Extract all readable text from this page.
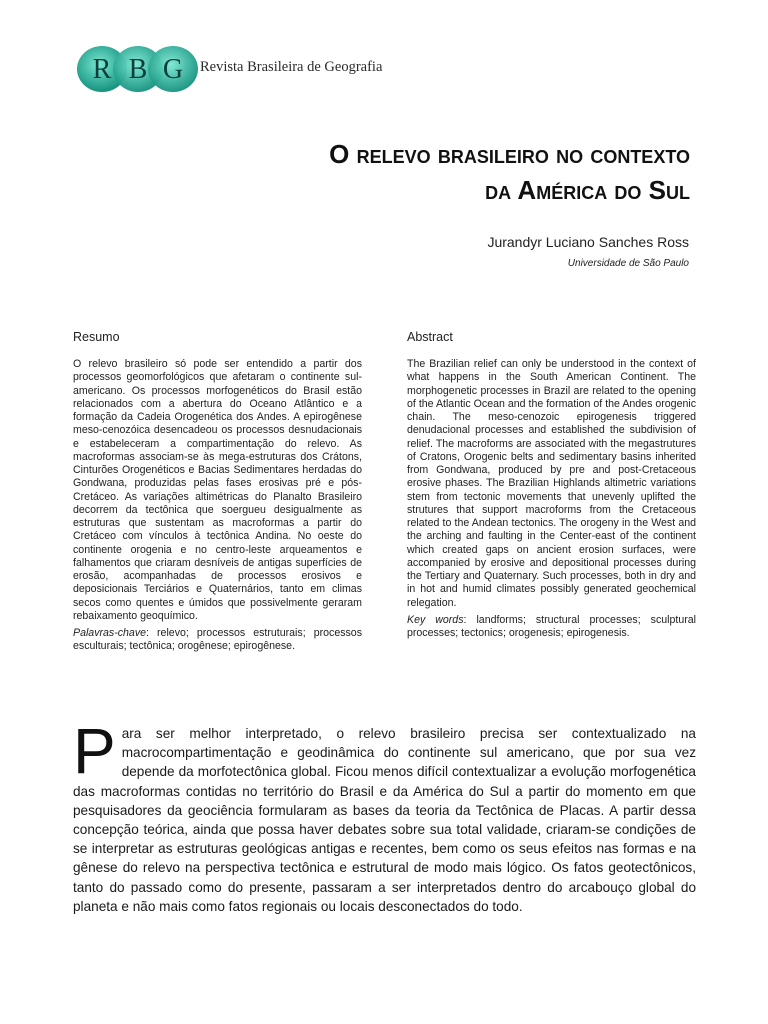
R B G Revista Brasileira de Geografia
O relevo brasileiro no contexto
da América do Sul
Jurandyr Luciano Sanches Ross
Universidade de São Paulo
Resumo

O relevo brasileiro só pode ser entendido a partir dos processos geomorfológicos que afetaram o continente sul-americano. Os processos morfogenéticos do Brasil estão relacionados com a abertura do Oceano Atlântico e a formação da Cadeia Orogenética dos Andes. A epirogênese meso-cenozóica desencadeou os processos desnudacionais e estabeleceram a compartimentação do relevo. As macroformas associam-se às mega-estruturas dos Crátons, Cinturões Orogenéticos e Bacias Sedimentares herdadas do Gondwana, produzidas pelas fases erosivas pré e pós-Cretáceo. As variações altimétricas do Planalto Brasileiro decorrem da tectônica que soergueu desigualmente as estruturas que sustentam as macroformas a partir do Cretáceo com vínculos à tectônica Andina. No oeste do continente orogenia e no centro-leste arqueamentos e falhamentos que criaram desníveis de antigas superfícies de erosão, acompanhadas de processos erosivos e deposicionais Terciários e Quaternários, tanto em climas secos como quentes e úmidos que possivelmente geraram rebaixamento geoquímico.

Palavras-chave: relevo; processos estruturais; processos esculturais; tectônica; orogênese; epirogênese.

Abstract

The Brazilian relief can only be understood in the context of what happens in the South American Continent. The morphogenetic processes in Brazil are related to the opening of the Atlantic Ocean and the formation of the Andes orogenic chain. The meso-cenozoic epirogenesis triggered denudacional processes and established the subdivision of relief. The macroforms are associated with the megastrutures of Cratons, Orogenic belts and sedimentary basins inherited from Gondwana, produced by pre and post-Cretaceous erosive phases. The Brazilian Highlands altimetric variations stem from tectonic movements that unevenly uplifted the strutures that support macroforms from the Cretaceous related to the Andean tectonics. The orogeny in the West and the arching and faulting in the Center-east of the continent which created gaps on ancient erosion surfaces, were accompanied by erosive and depositional processes during the Tertiary and Quaternary. Such processes, both in dry and in hot and humid climates possibly generated geochemical relegation.

Key words: landforms; structural processes; sculptural processes; tectonics; orogenesis; epirogenesis.

Para ser melhor interpretado, o relevo brasileiro precisa ser contextualizado na macrocompartimentação e geodinâmica do continente sul americano, que por sua vez depende da morfotectônica global. Ficou menos difícil contextualizar a evolução morfogenética das macroformas contidas no território do Brasil e da América do Sul a partir do momento em que pesquisadores da geociência formularam as bases da teoria da Tectônica de Placas. A partir dessa concepção teórica, ainda que possa haver debates sobre sua total validade, criaram-se condições de se interpretar as estruturas geológicas antigas e recentes, bem como os seus efeitos nas formas e na gênese do relevo na perspectiva tectônica e estrutural de modo mais lógico. Os fatos geotectônicos, tanto do passado como do presente, passaram a ser interpretados dentro do arcabouço global do planeta e não mais como fatos regionais ou locais desconectados do todo.
